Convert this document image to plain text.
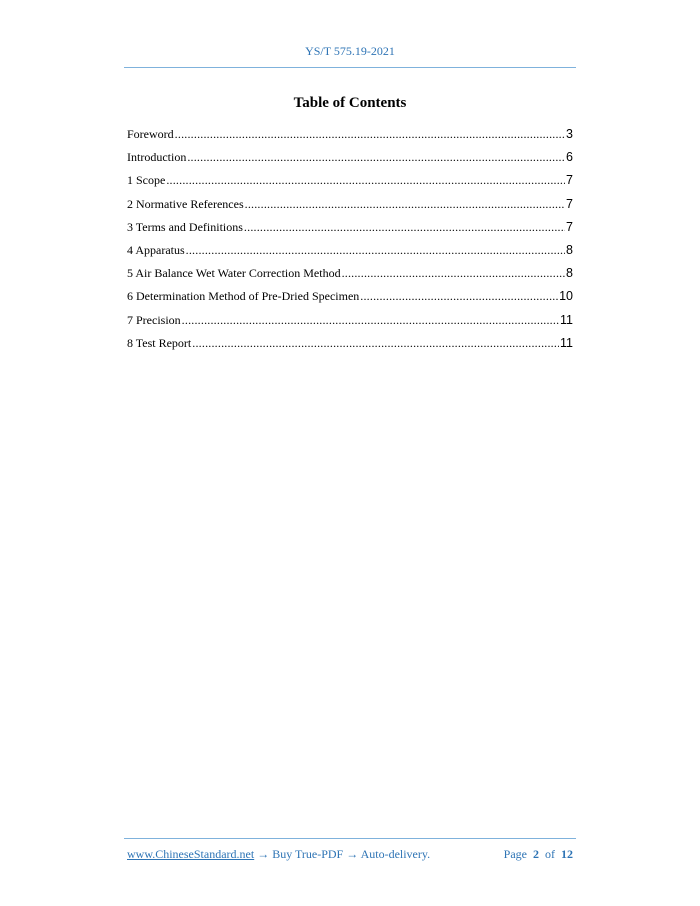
YS/T 575.19-2021
Table of Contents
Foreword .....	3
Introduction .....	6
1 Scope .....	7
2 Normative References .....	7
3 Terms and Definitions .....	7
4 Apparatus .....	8
5 Air Balance Wet Water Correction Method .....	8
6 Determination Method of Pre-Dried Specimen .....	10
7 Precision .....	11
8 Test Report .....	11
www.ChineseStandard.net → Buy True-PDF → Auto-delivery.	Page 2 of 12
